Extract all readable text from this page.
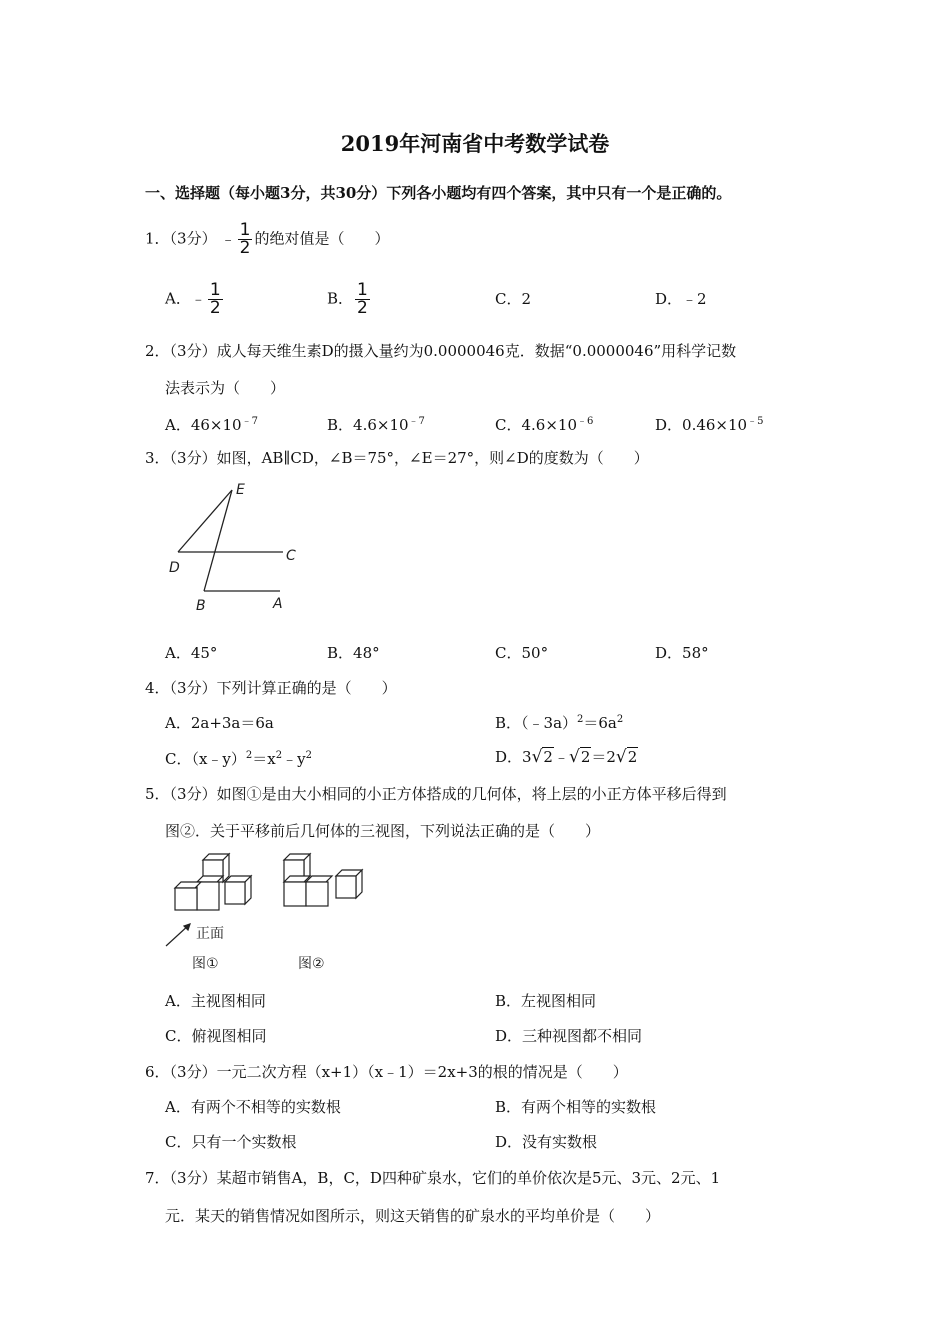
2019年河南省中考数学试卷
一、选择题（每小题3分，共30分）下列各小题均有四个答案，其中只有一个是正确的。
1．（3分） ﹣ $\frac{1}{2}$ 的绝对值是（　　）
A．﹣ $\frac{1}{2}$	B． $\frac{1}{2}$	C．2	D．﹣2
2．（3分）成人每天维生素D的摄入量约为0.0000046克．数据“0.0000046”用科学记数
法表示为（　　）
A．$46\times 10^{﹣7}$	B．$4.6\times 10^{﹣7}$	C．$4.6\times 10^{﹣6}$	D．$0.46\times 10^{﹣5}$
3．（3分）如图，AB∥CD，∠B＝75°，∠E＝27°，则∠D的度数为（　　）
E
C
D
B	A
A．45°	B．48°	C．50°	D．58°
4．（3分）下列计算正确的是（　　）
A．2a+3a＝6a	B．$(﹣3a)^2=6a^2$
C．$(x﹣y)^2=x^2﹣y^2$	D．3√2﹣√2＝2√2
5．（3分）如图①是由大小相同的小正方体搭成的几何体，将上层的小正方体平移后得到
图②．关于平移前后几何体的三视图，下列说法正确的是（　　）
正面
图①	图②
A．主视图相同	B．左视图相同
C．俯视图相同	D．三种视图都不相同
6．（3分）一元二次方程（x+1）（x﹣1）＝2x+3的根的情况是（　　）
A．有两个不相等的实数根	B．有两个相等的实数根
C．只有一个实数根	D．没有实数根
7．（3分）某超市销售A，B，C，D四种矿泉水，它们的单价依次是5元、3元、2元、1
元．某天的销售情况如图所示，则这天销售的矿泉水的平均单价是（　　）
